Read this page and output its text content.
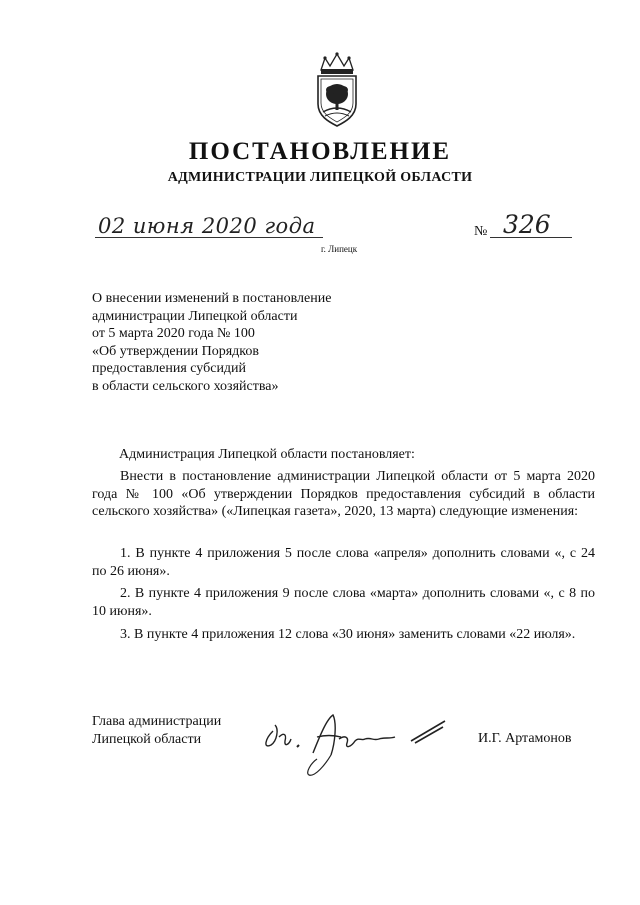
ПОСТАНОВЛЕНИЕ
АДМИНИСТРАЦИИ ЛИПЕЦКОЙ ОБЛАСТИ
02 июня 2020 года
г. Липецк
№ 326
О внесении изменений в постановление
администрации Липецкой области
от 5 марта 2020 года № 100
«Об утверждении Порядков
предоставления субсидий
в области сельского хозяйства»
Администрация Липецкой области постановляет:
Внести в постановление администрации Липецкой области от 5 марта 2020 года № 100 «Об утверждении Порядков предоставления субсидий в области сельского хозяйства» («Липецкая газета», 2020, 13 марта) следующие изменения:
1. В пункте 4 приложения 5 после слова «апреля» дополнить словами «, с 24 по 26 июня».
2. В пункте 4 приложения 9 после слова «марта» дополнить словами «, с 8 по 10 июня».
3. В пункте 4 приложения 12 слова «30 июня» заменить словами «22 июля».
Глава администрации
Липецкой области	И.Г. Артамонов
